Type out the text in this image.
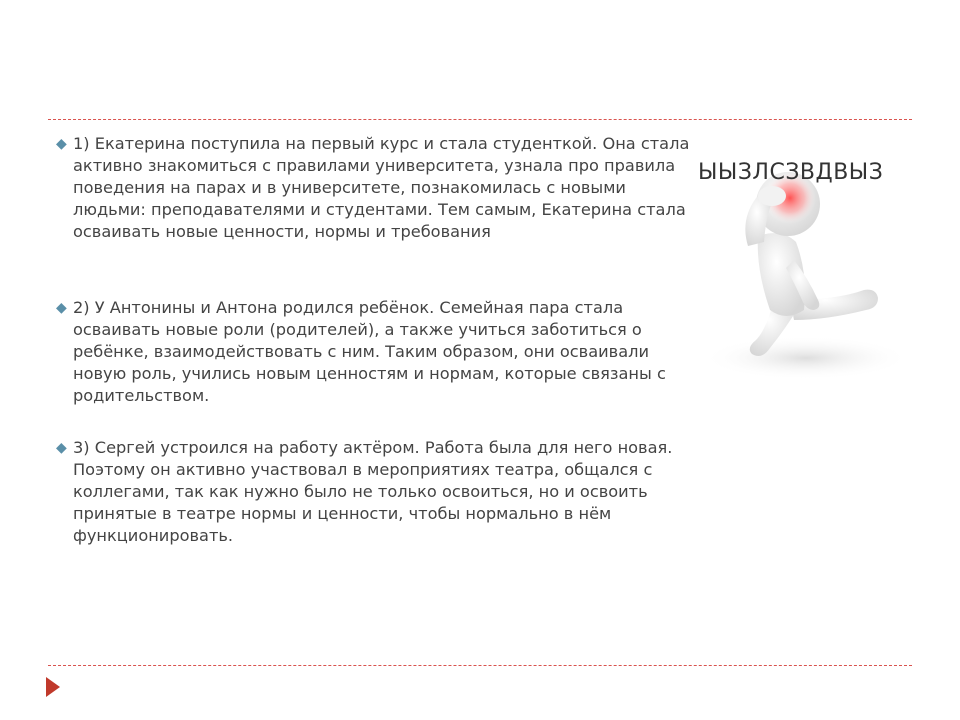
◆ 1) Екатерина поступила на первый курс и стала студенткой. Она стала активно знакомиться с правилами университета, узнала про правила поведения на парах и в университете, познакомилась с новыми людьми: преподавателями и студентами. Тем самым, Екатерина стала осваивать новые ценности, нормы и требования
◆ 2) У Антонины и Антона родился ребёнок. Семейная пара стала осваивать новые роли (родителей), а также учиться заботиться о ребёнке, взаимодействовать с ним. Таким образом, они осваивали новую роль, учились новым ценностям и нормам, которые связаны с родительством.
◆ 3) Сергей устроился на работу актёром. Работа была для него новая. Поэтому он активно участвовал в мероприятиях театра, общался с коллегами, так как нужно было не только освоиться, но и освоить принятые в театре нормы и ценности, чтобы нормально в нём функционировать.
ЫЫЗЛСЗВДВЫЗ
